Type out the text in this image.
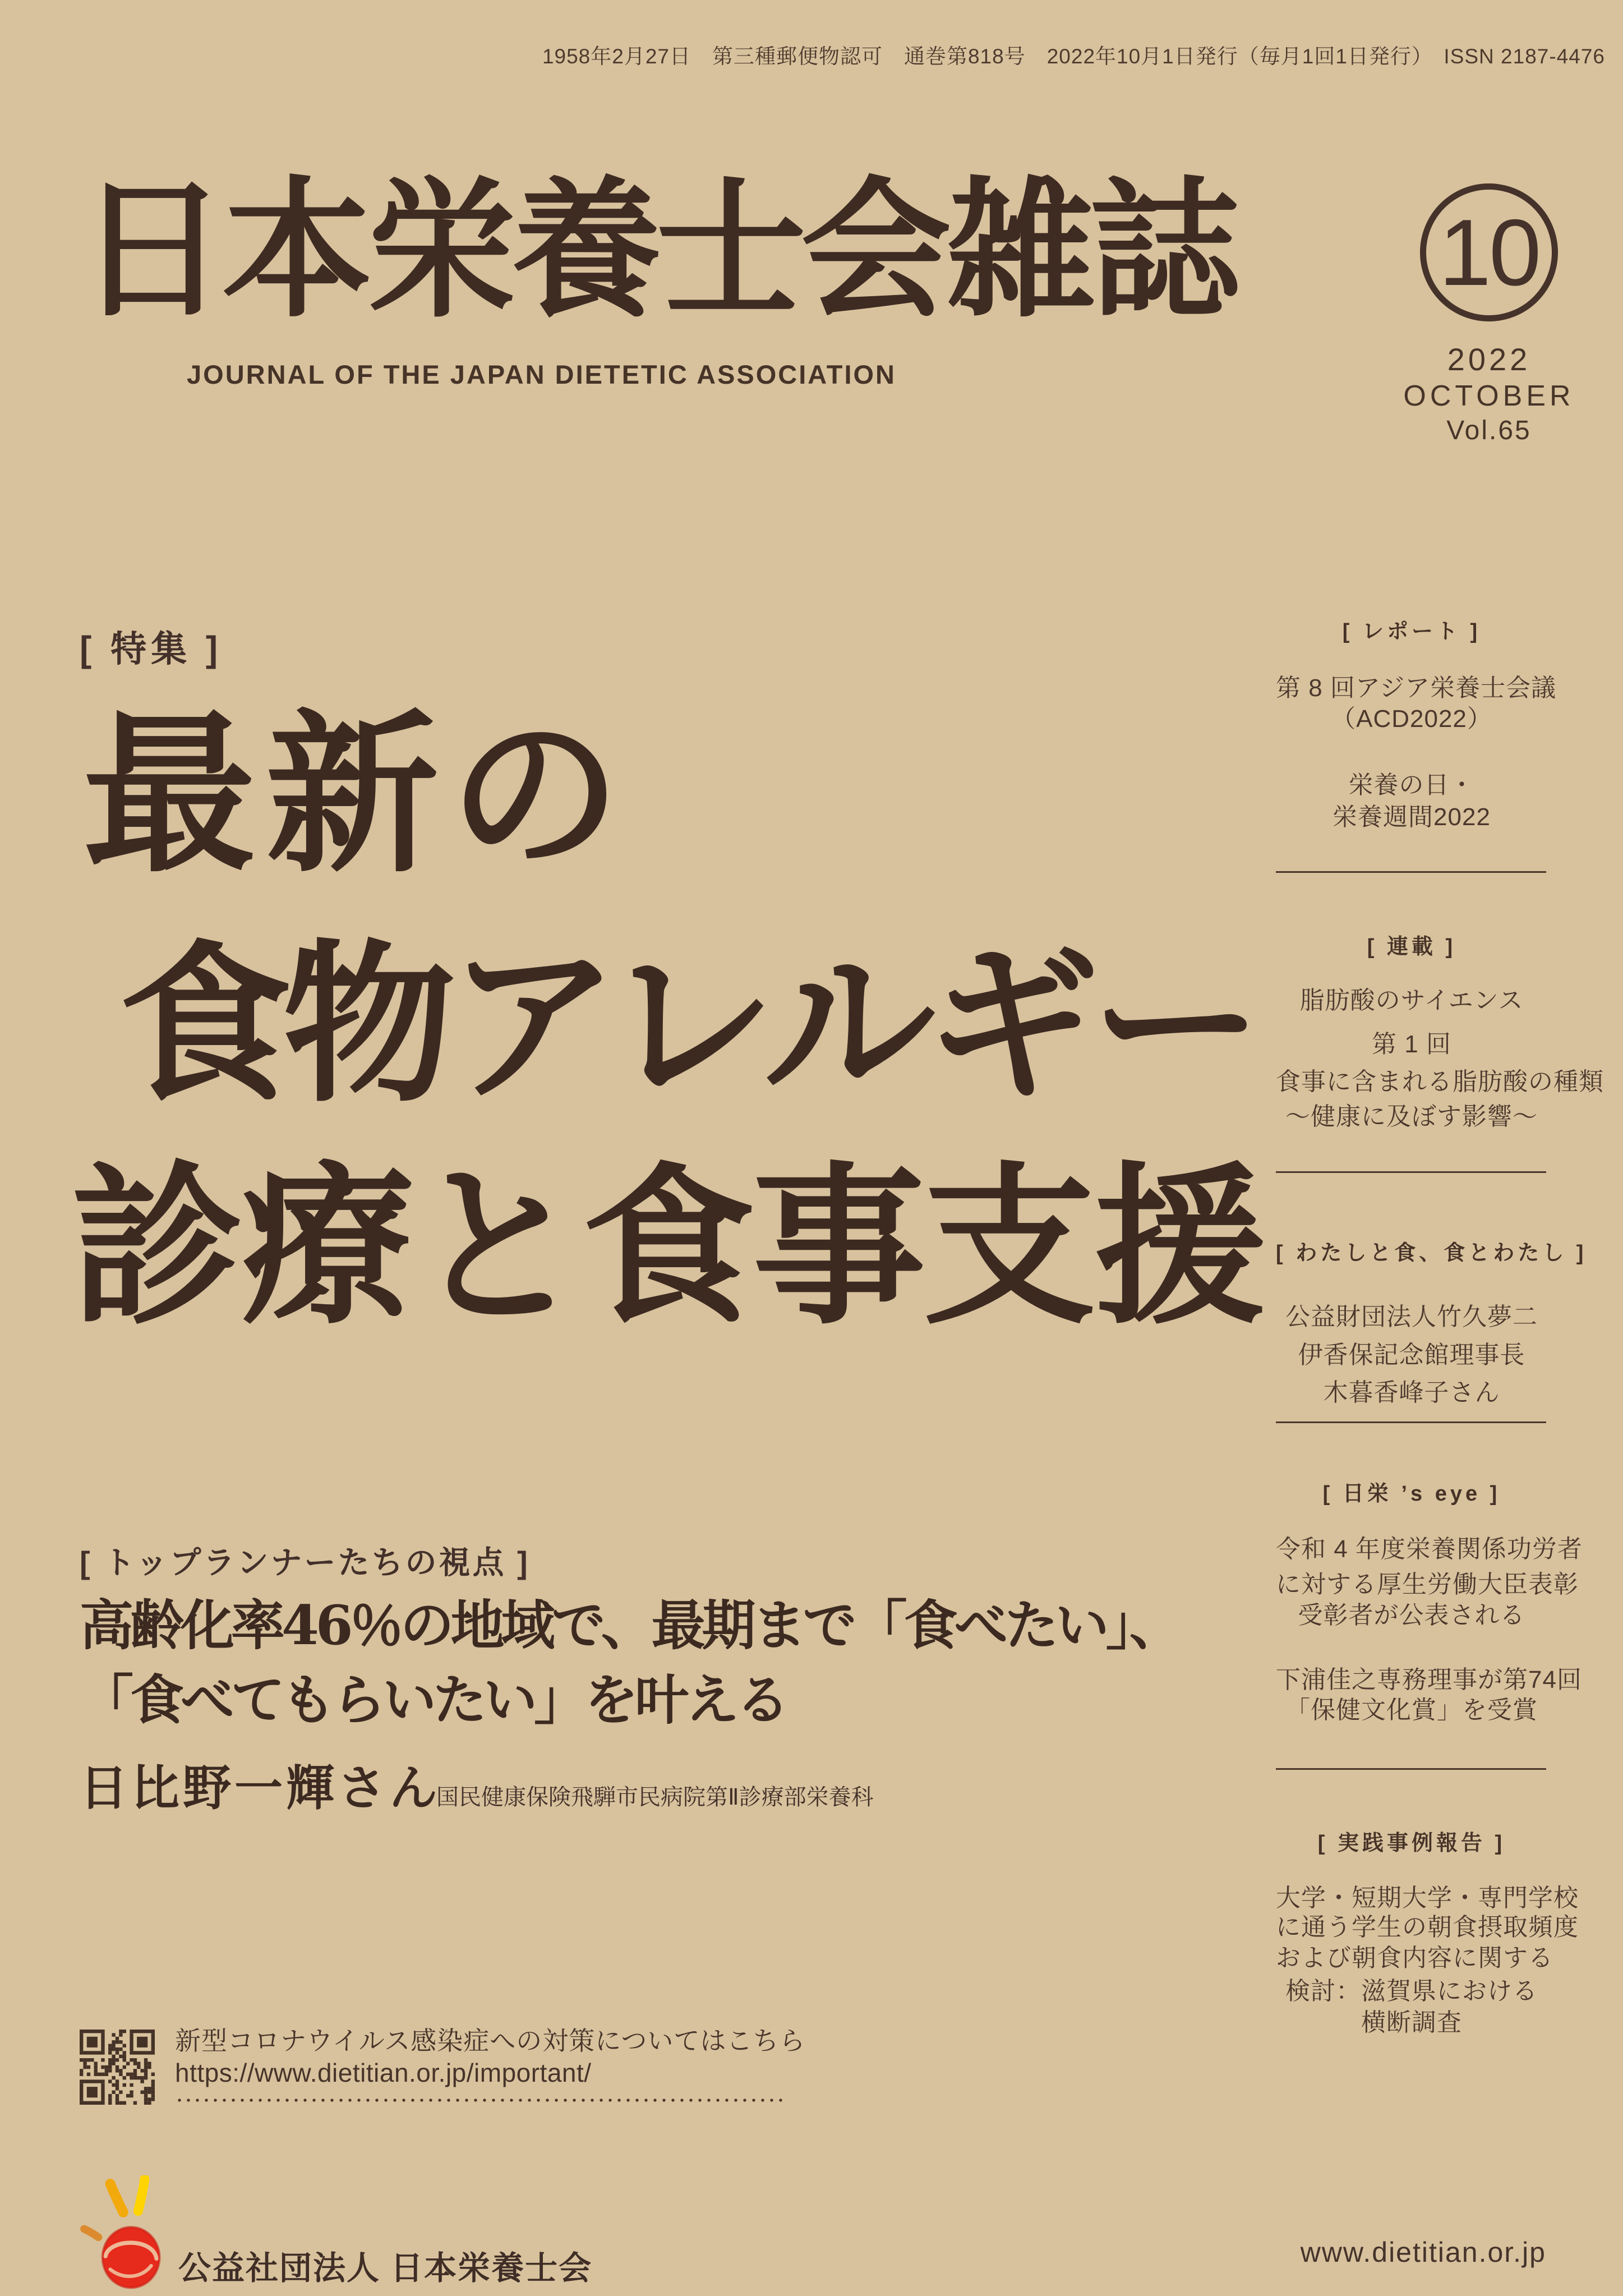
1958年2月27日　第三種郵便物認可　通巻第818号　2022年10月1日発行（毎月1回1日発行）　ISSN 2187-4476
日本栄養士会雑誌
JOURNAL OF THE JAPAN DIETETIC ASSOCIATION
10
2022
OCTOBER
Vol.65
[ 特集 ]
最新の
食物アレルギー
診療と食事支援
[ トップランナーたちの視点 ]
高齢化率46％の地域で、最期まで「食べたい」、
「食べてもらいたい」を叶える
日比野一輝さん
国民健康保険飛騨市民病院第Ⅱ診療部栄養科
[ レポート ]
第 8 回アジア栄養士会議
（ACD2022）
栄養の日・
栄養週間2022
[ 連載 ]
脂肪酸のサイエンス
第 1 回
食事に含まれる脂肪酸の種類
～健康に及ぼす影響～
[ わたしと食、食とわたし ]
公益財団法人竹久夢二
伊香保記念館理事長
木暮香峰子さん
[ 日栄 ’s eye ]
令和 4 年度栄養関係功労者
に対する厚生労働大臣表彰
受彰者が公表される
下浦佳之専務理事が第74回
「保健文化賞」を受賞
[ 実践事例報告 ]
大学・短期大学・専門学校
に通う学生の朝食摂取頻度
および朝食内容に関する
検討：滋賀県における
横断調査
新型コロナウイルス感染症への対策についてはこちら
https://www.dietitian.or.jp/important/
公益社団法人 日本栄養士会	www.dietitian.or.jp
